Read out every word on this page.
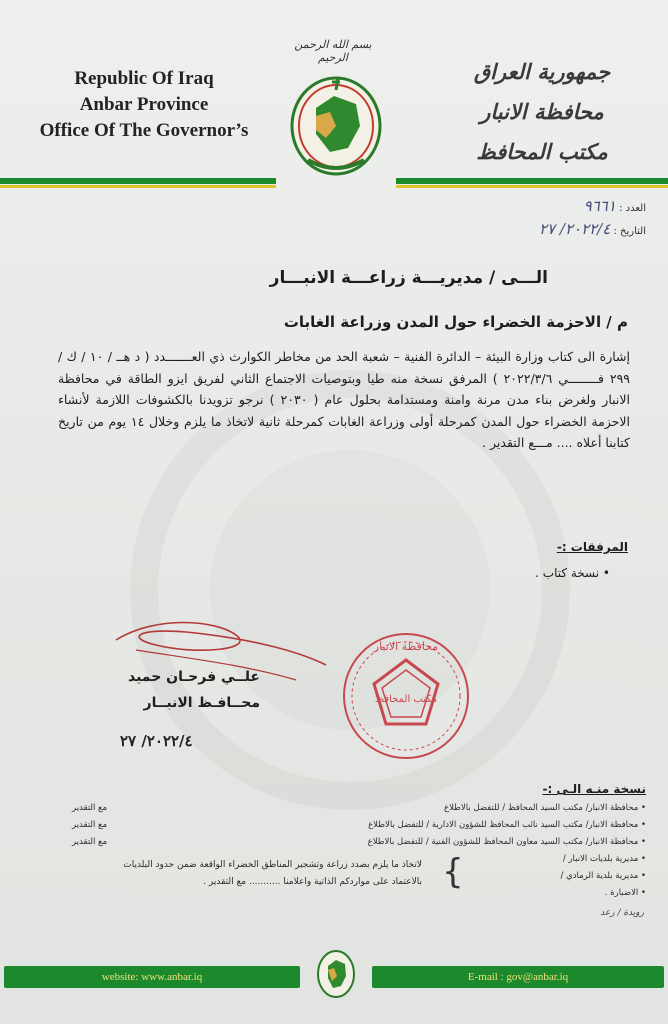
Republic Of Iraq
Anbar Province
Office Of The Governor’s
جمهورية العراق
محافظة الانبار
مكتب المحافظ
بسم الله الرحمن الرحيم
العدد : ٩٦٦١
التاريخ : ٢٠٢٢/٤/ ٢٧
الـــى / مديريـــة زراعـــة الانبـــار
م / الاحزمة الخضراء حول المدن وزراعة الغابات

إشارة الى كتاب وزارة البيئة – الدائرة الفنية – شعبة الحد من مخاطر الكوارث ذي العـــــــدد ( د هــ / ١٠ / ك / ٢٩٩ فــــــــي ٢٠٢٢/٣/٦ ) المرفق نسخة منه طيا وبتوصيات الاجتماع الثاني لفريق ايزو الطاقة في محافظة الانبار ولغرض بناء مدن مرنة وامنة ومستدامة بحلول عام ( ٢٠٣٠ ) نرجو تزويدنا بالكشوفات اللازمة لأنشاء الاحزمة الخضراء حول المدن كمرحلة أولى وزراعة الغابات كمرحلة ثانية لاتخاذ ما يلزم وخلال ١٤ يوم من تاريخ كتابنا أعلاه .... مـــع التقدير .

المرفقات :-
• نسخة كتاب .
علــي فرحـان حميد
محــافـظ الانبــار
٢٠٢٢/٤/ ٢٧
محافظة الانبار
مكتب المحافظ
نسخة منـه الـى :-
• محافظة الانبار/ مكتب السيد المحافظ / للتفضل بالاطلاع
• محافظة الانبار/ مكتب السيد نائب المحافظ للشؤون الادارية / للتفضل بالاطلاع
• محافظة الانبار/ مكتب السيد معاون المحافظ للشؤون الفنية / للتفضل بالاطلاع
• مديرية بلديات الانبار /
• مديرية بلدية الرمادي /
• الاضبارة .
مع التقدير
مع التقدير
مع التقدير
{
لاتخاذ ما يلزم بصدد زراعة وتشجير المناطق الخضراء الواقعة ضمن حدود البلديات
بالاعتماد على مواردكم الذاتية واعلامنا ........... مع التقدير .
رويدة / رعد
website: www.anbar.iq	E-mail : gov@anbar.iq
